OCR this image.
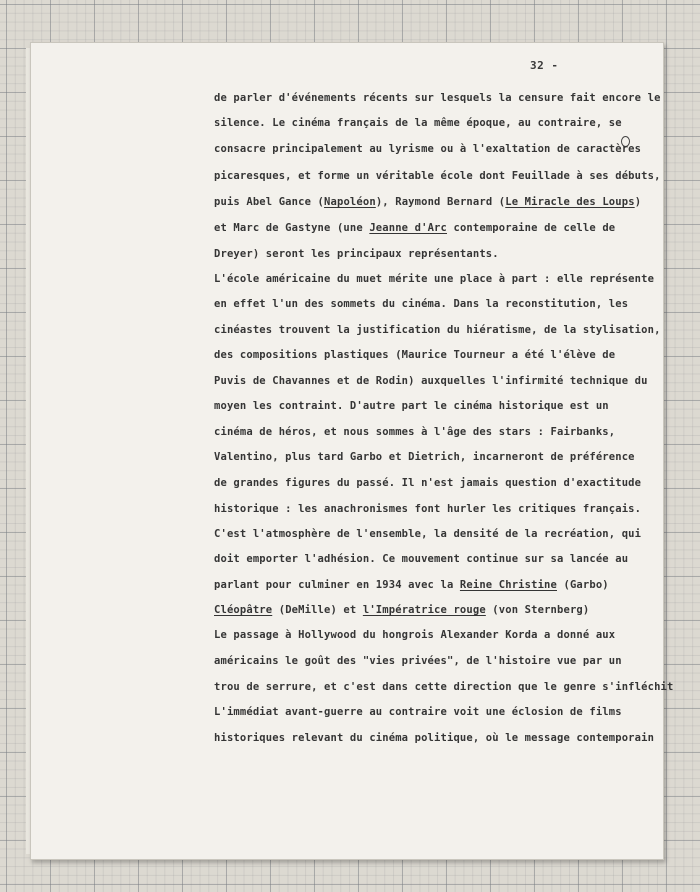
32 -
de parler d'événements récents sur lesquels la censure fait encore le
silence. Le cinéma français de la même époque, au contraire, se
consacre principalement au lyrisme ou à l'exaltation de caractères
picaresques, et forme un véritable école dont Feuillade à ses débuts,
puis Abel Gance (Napoléon), Raymond Bernard (Le Miracle des Loups)
et Marc de Gastyne (une Jeanne d'Arc contemporaine de celle de
Dreyer) seront les principaux représentants.
L'école américaine du muet mérite une place à part : elle représente
en effet l'un des sommets du cinéma. Dans la reconstitution, les
cinéastes trouvent la justification du hiératisme, de la stylisation,
des compositions plastiques (Maurice Tourneur a été l'élève de
Puvis de Chavannes et de Rodin) auxquelles l'infirmité technique du
moyen les contraint. D'autre part le cinéma historique est un
cinéma de héros, et nous sommes à l'âge des stars : Fairbanks,
Valentino, plus tard Garbo et Dietrich, incarneront de préférence
de grandes figures du passé. Il n'est jamais question d'exactitude
historique : les anachronismes font hurler les critiques français.
C'est l'atmosphère de l'ensemble, la densité de la recréation, qui
doit emporter l'adhésion. Ce mouvement continue sur sa lancée au
parlant pour culminer en 1934 avec la Reine Christine (Garbo)
Cléopâtre (DeMille) et l'Impératrice rouge (von Sternberg)
Le passage à Hollywood du hongrois Alexander Korda a donné aux
américains le goût des "vies privées", de l'histoire vue par un
trou de serrure, et c'est dans cette direction que le genre s'infléchit
L'immédiat avant-guerre au contraire voit une éclosion de films
historiques relevant du cinéma politique, où le message contemporain
